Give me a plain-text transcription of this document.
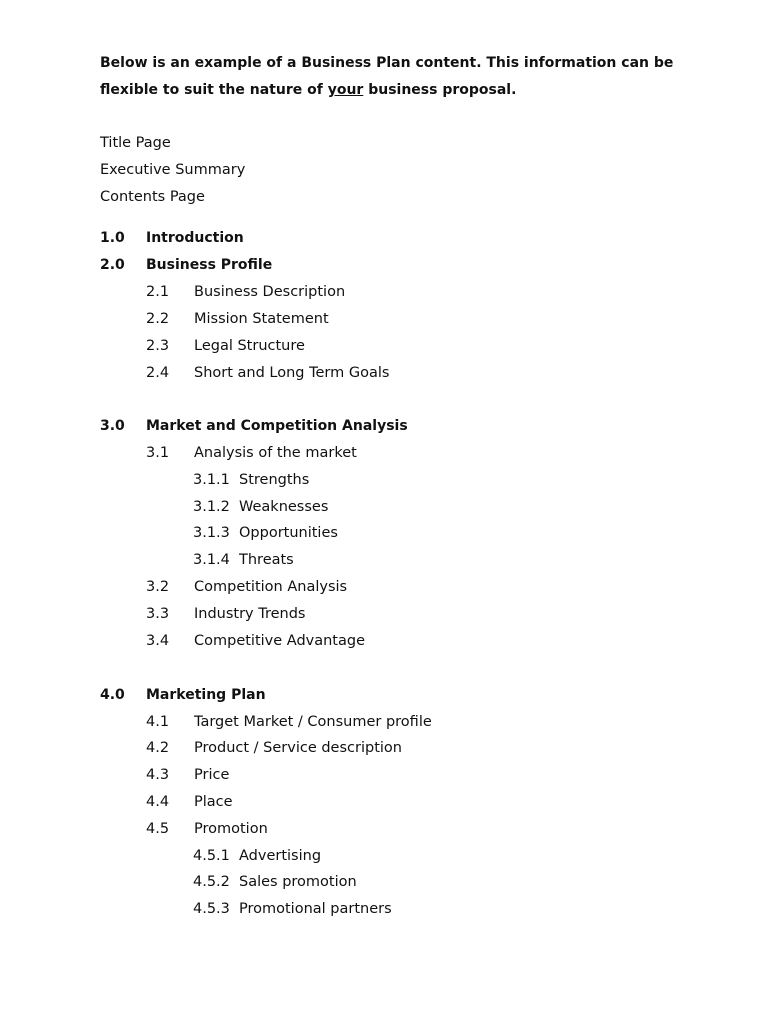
Below is an example of a Business Plan content. This information can be
flexible to suit the nature of your business proposal.
Title Page
Executive Summary
Contents Page
1.0 Introduction
2.0 Business Profile
2.1 Business Description
2.2 Mission Statement
2.3 Legal Structure
2.4 Short and Long Term Goals
3.0 Market and Competition Analysis
3.1 Analysis of the market
3.1.1 Strengths
3.1.2 Weaknesses
3.1.3 Opportunities
3.1.4 Threats
3.2 Competition Analysis
3.3 Industry Trends
3.4 Competitive Advantage
4.0 Marketing Plan
4.1 Target Market / Consumer profile
4.2 Product / Service description
4.3 Price
4.4 Place
4.5 Promotion
4.5.1 Advertising
4.5.2 Sales promotion
4.5.3 Promotional partners
